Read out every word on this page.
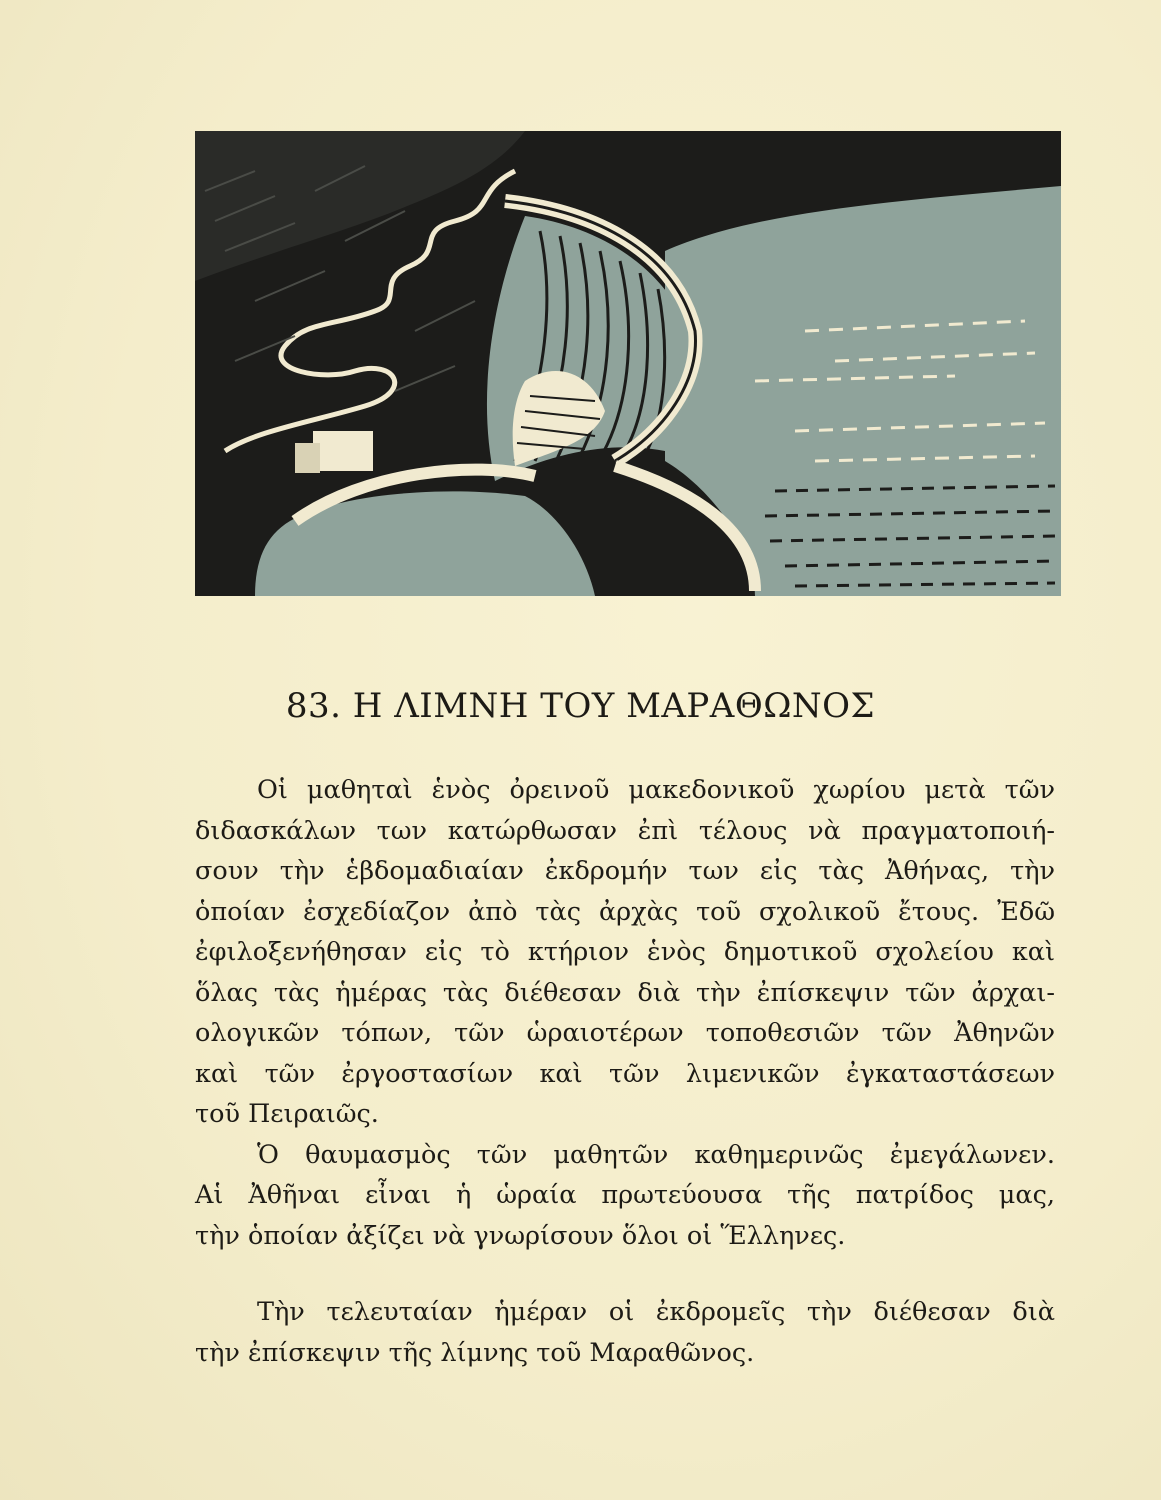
83. Η ΛΙΜΝΗ ΤΟΥ ΜΑΡΑΘΩΝΟΣ
Οἱ μαθηταὶ ἑνὸς ὀρεινοῦ μακεδονικοῦ χωρίου μετὰ τῶν
διδασκάλων των κατώρθωσαν ἐπὶ τέλους νὰ πραγματοποιή-
σουν τὴν ἑβδομαδιαίαν ἐκδρομήν των εἰς τὰς Ἀθήνας, τὴν
ὁποίαν ἐσχεδίαζον ἀπὸ τὰς ἀρχὰς τοῦ σχολικοῦ ἔτους. Ἐδῶ
ἐφιλοξενήθησαν εἰς τὸ κτήριον ἑνὸς δημοτικοῦ σχολείου καὶ
ὅλας τὰς ἡμέρας τὰς διέθεσαν διὰ τὴν ἐπίσκεψιν τῶν ἀρχαι-
ολογικῶν τόπων, τῶν ὡραιοτέρων τοποθεσιῶν τῶν Ἀθηνῶν
καὶ τῶν ἐργοστασίων καὶ τῶν λιμενικῶν ἐγκαταστάσεων
τοῦ Πειραιῶς.
Ὁ θαυμασμὸς τῶν μαθητῶν καθημερινῶς ἐμεγάλωνεν.
Αἱ Ἀθῆναι εἶναι ἡ ὡραία πρωτεύουσα τῆς πατρίδος μας,
τὴν ὁποίαν ἀξίζει νὰ γνωρίσουν ὅλοι οἱ Ἕλληνες.
Τὴν τελευταίαν ἡμέραν οἱ ἐκδρομεῖς τὴν διέθεσαν διὰ
τὴν ἐπίσκεψιν τῆς λίμνης τοῦ Μαραθῶνος.
